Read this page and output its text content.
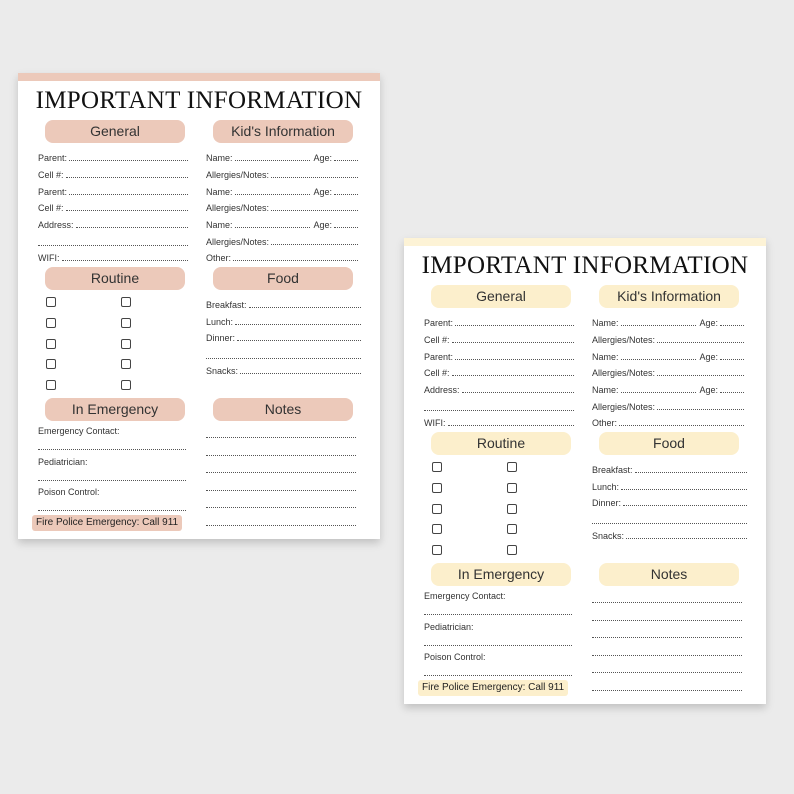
IMPORTANT INFORMATION
General	Kid's Information
Routine	Food
In Emergency	Notes
Parent:
Cell #:
Parent:
Cell #:
Address:
WIFI:
Name:	Age:
Allergies/Notes:
Name:	Age:
Allergies/Notes:
Name:	Age:
Allergies/Notes:
Other:
Breakfast:
Lunch:
Dinner:
Snacks:
Emergency Contact:
Pediatrician:
Poison Control:
Fire Police Emergency: Call 911
IMPORTANT INFORMATION
General	Kid's Information
Routine	Food
In Emergency	Notes
Parent:
Cell #:
Parent:
Cell #:
Address:
WIFI:
Name:	Age:
Allergies/Notes:
Name:	Age:
Allergies/Notes:
Name:	Age:
Allergies/Notes:
Other:
Breakfast:
Lunch:
Dinner:
Snacks:
Emergency Contact:
Pediatrician:
Poison Control:
Fire Police Emergency: Call 911
